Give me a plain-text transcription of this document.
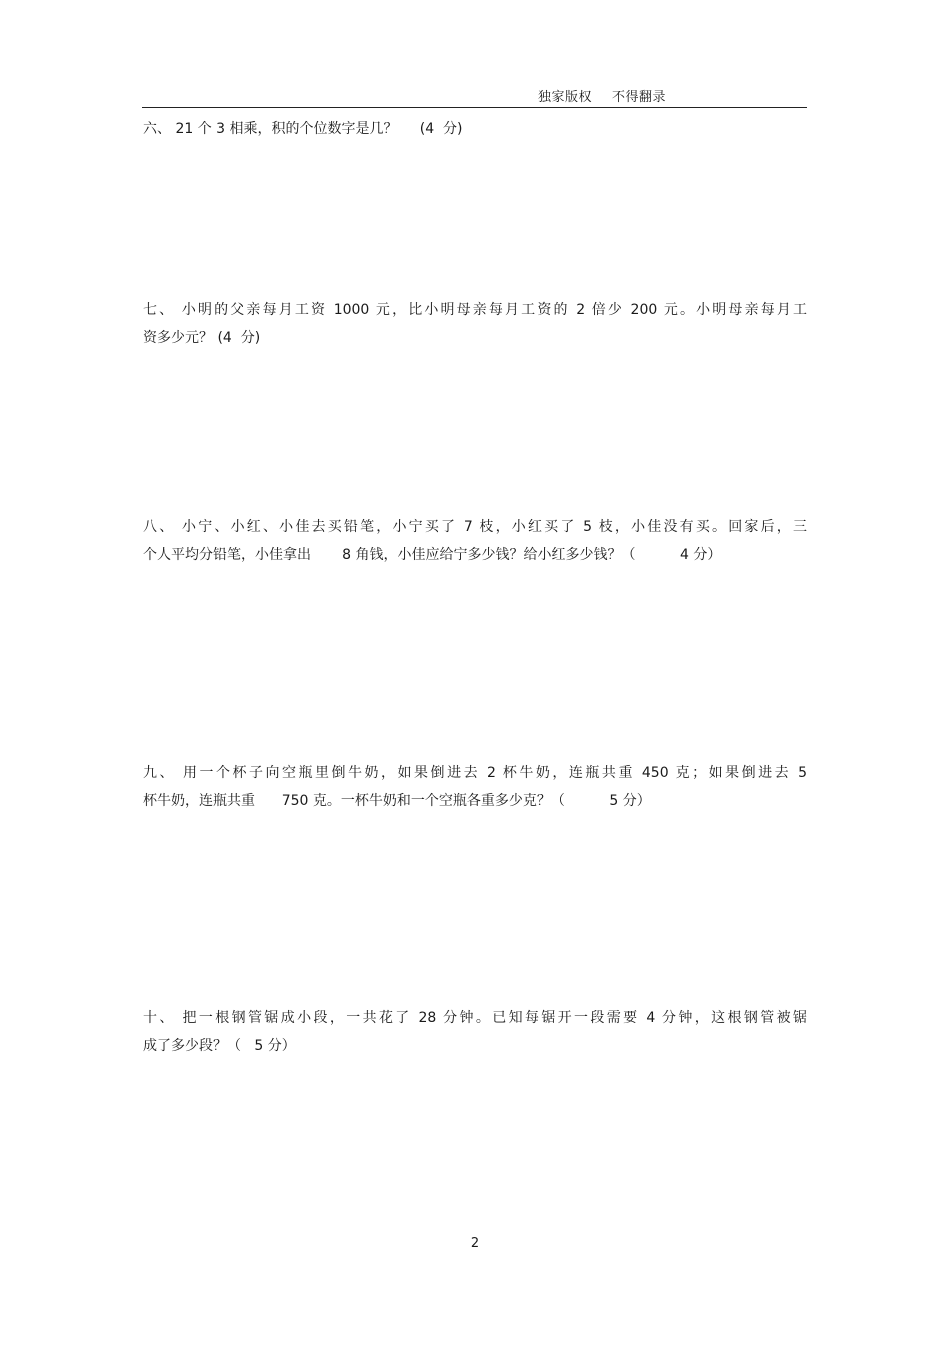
独家版权 不得翻录

六、 21 个 3 相乘，积的个位数字是几？     (4  分)

七、 小明的父亲每月工资 1000 元，比小明母亲每月工资的 2 倍少 200 元。小明母亲每月工
资多少元？ (4  分)

八、 小宁、小红、小佳去买铅笔，小宁买了 7 枝，小红买了 5 枝，小佳没有买。回家后，三
个人平均分铅笔，小佳拿出       8 角钱，小佳应给宁多少钱？给小红多少钱？（          4 分）

九、 用一个杯子向空瓶里倒牛奶，如果倒进去 2 杯牛奶，连瓶共重 450 克；如果倒进去 5
杯牛奶，连瓶共重      750 克。一杯牛奶和一个空瓶各重多少克？（          5 分）

十、 把一根钢管锯成小段，一共花了 28 分钟。已知每锯开一段需要 4 分钟，这根钢管被锯
成了多少段？（   5 分）

2
